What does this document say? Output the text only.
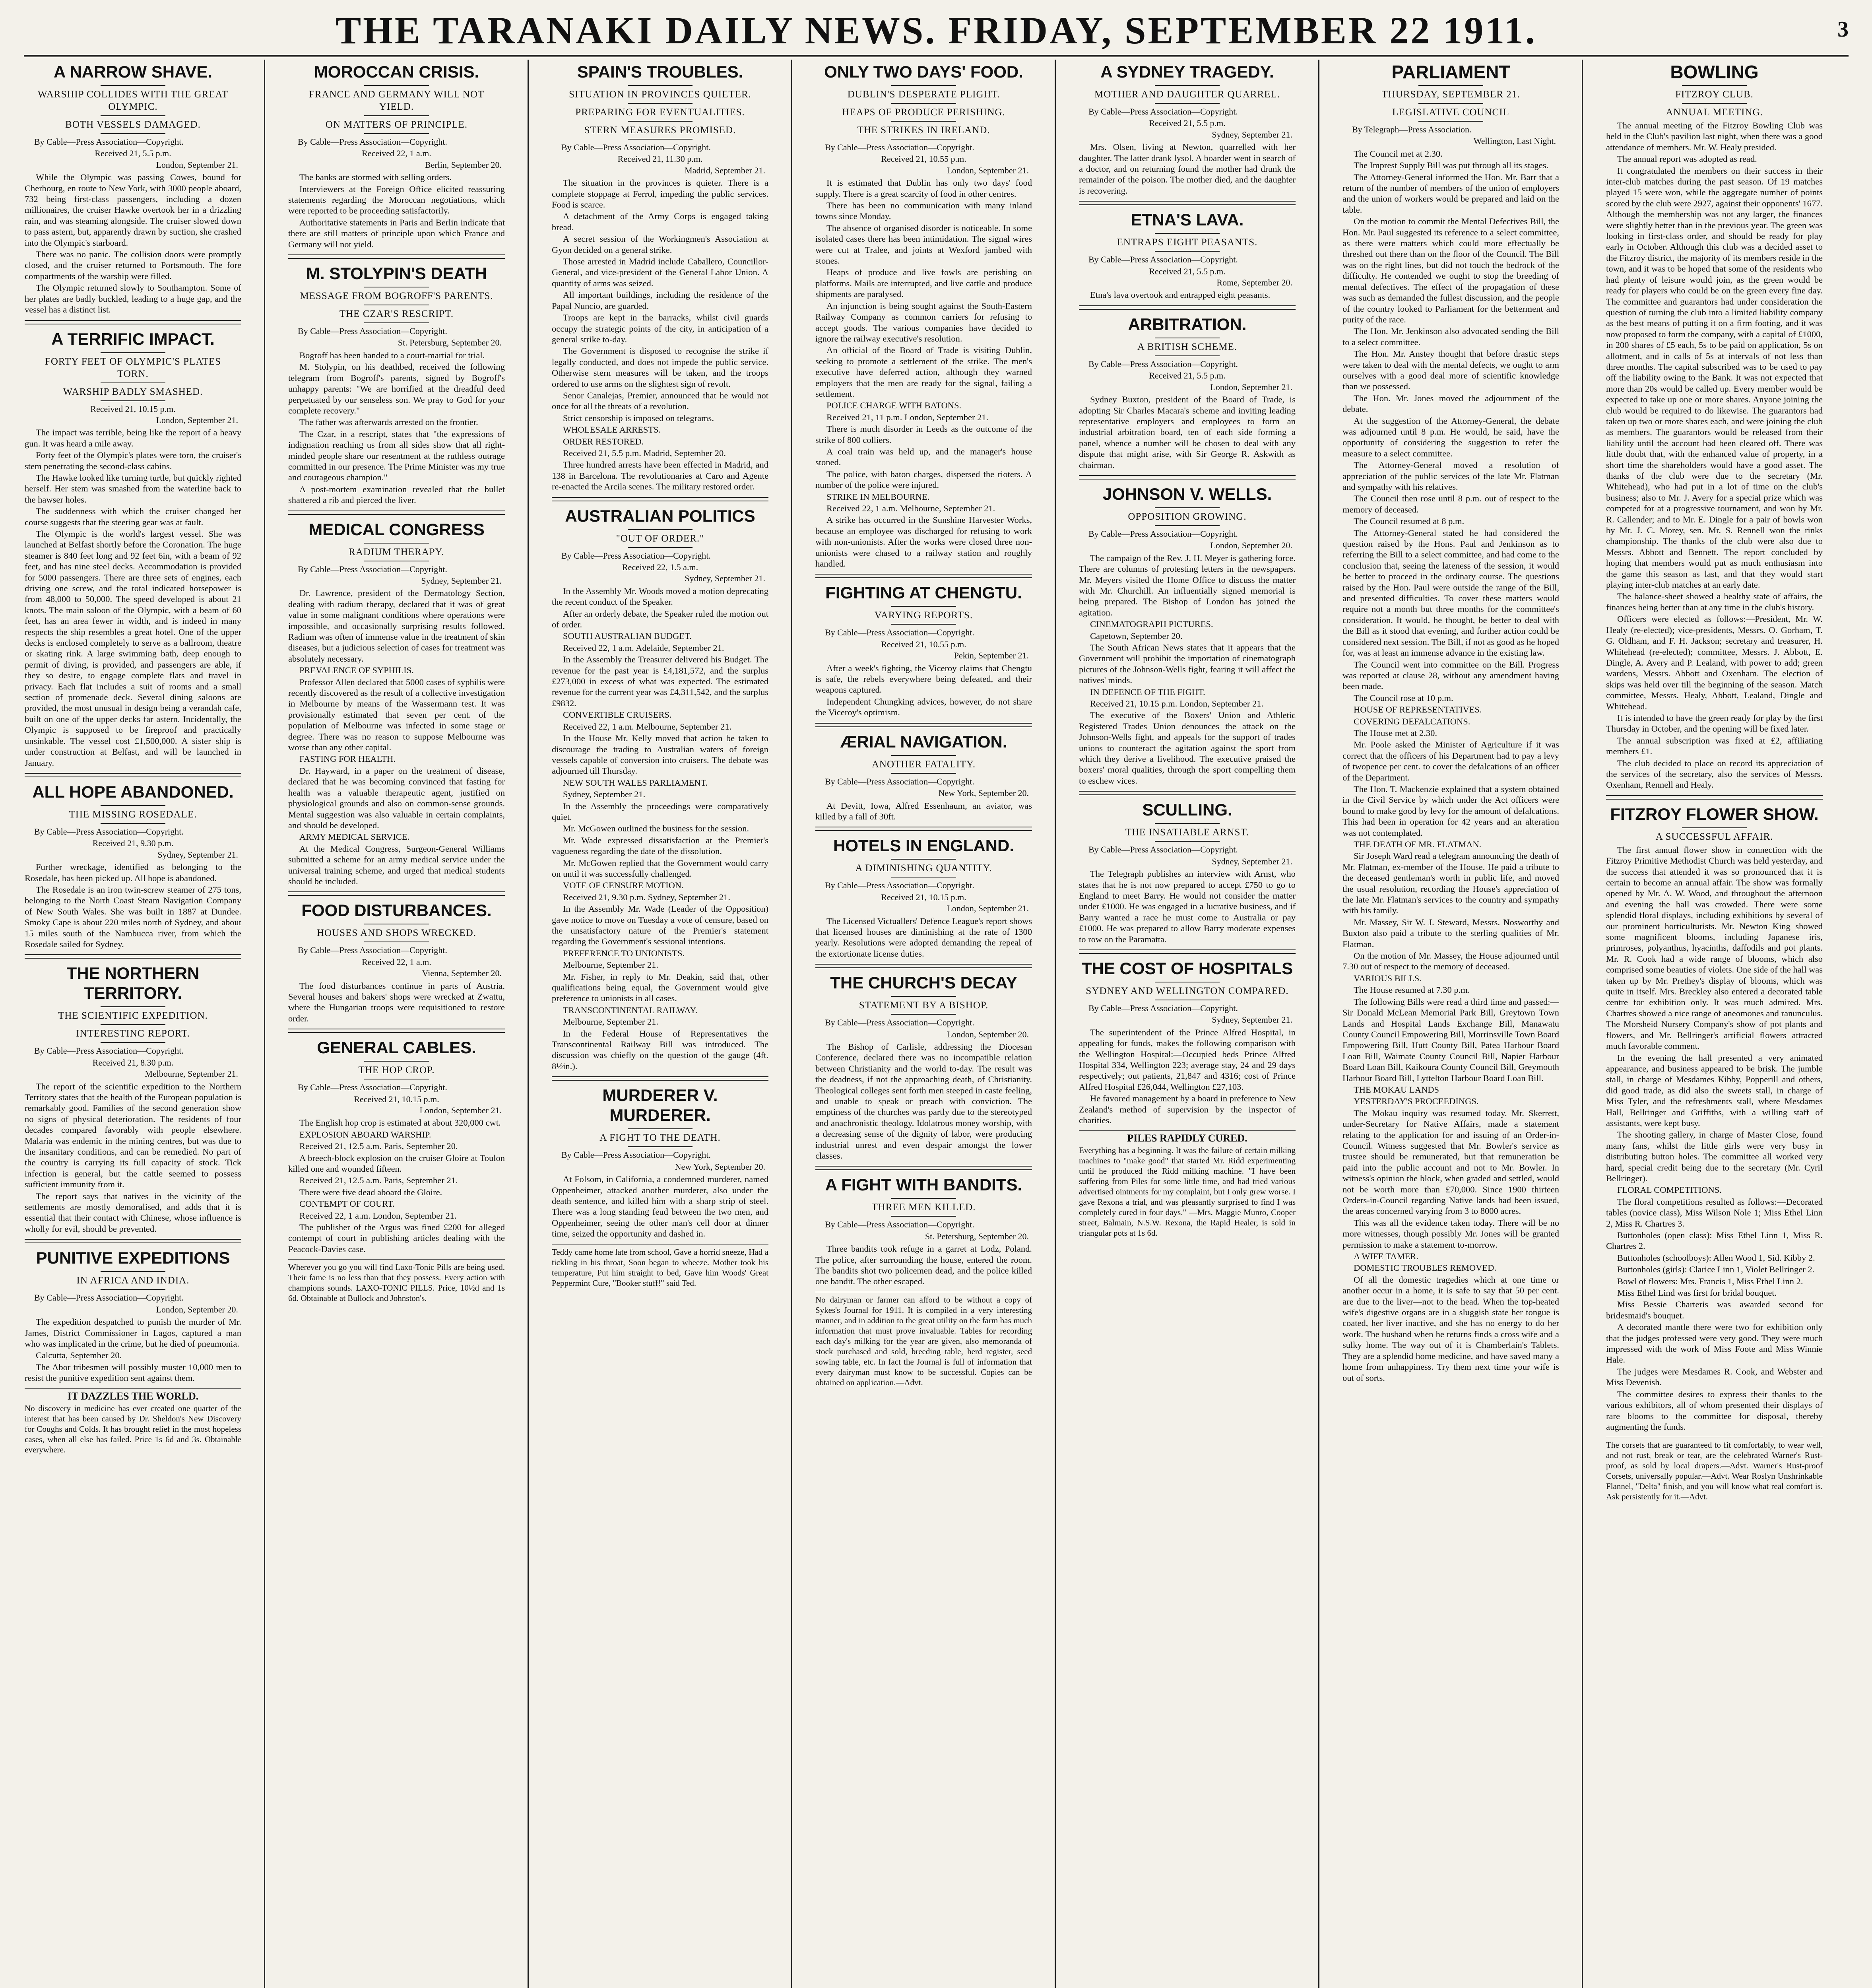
THE TARANAKI DAILY NEWS. FRIDAY, SEPTEMBER 22 1911.	3
A NARROW SHAVE.
WARSHIP COLLIDES WITH THE GREAT OLYMPIC.
BOTH VESSELS DAMAGED.
By Cable—Press Association—Copyright.
Received 21, 5.5 p.m.
London, September 21.

While the Olympic was passing Cowes, bound for Cherbourg, en route to New York, with 3000 people aboard, 732 being first-class passengers, including a dozen millionaires, the cruiser Hawke overtook her in a drizzling rain, and was steaming alongside. The cruiser slowed down to pass astern, but, apparently drawn by suction, she crashed into the Olympic's starboard.

There was no panic. The collision doors were promptly closed, and the cruiser returned to Portsmouth. The fore compartments of the warship were filled.

The Olympic returned slowly to Southampton. Some of her plates are badly buckled, leading to a huge gap, and the vessel has a distinct list.

A TERRIFIC IMPACT.
FORTY FEET OF OLYMPIC'S PLATES TORN.
WARSHIP BADLY SMASHED.
Received 21, 10.15 p.m.
London, September 21.

The impact was terrible, being like the report of a heavy gun. It was heard a mile away.

Forty feet of the Olympic's plates were torn, the cruiser's stem penetrating the second-class cabins.

The Hawke looked like turning turtle, but quickly righted herself. Her stem was smashed from the waterline back to the hawser holes.

The suddenness with which the cruiser changed her course suggests that the steering gear was at fault.

The Olympic is the world's largest vessel. She was launched at Belfast shortly before the Coronation. The huge steamer is 840 feet long and 92 feet 6in, with a beam of 92 feet, and has nine steel decks. Accommodation is provided for 5000 passengers. There are three sets of engines, each driving one screw, and the total indicated horsepower is from 48,000 to 50,000. The speed developed is about 21 knots. The main saloon of the Olympic, with a beam of 60 feet, has an area fewer in width, and is indeed in many respects the ship resembles a great hotel. One of the upper decks is enclosed completely to serve as a ballroom, theatre or skating rink. A large swimming bath, deep enough to permit of diving, is provided, and passengers are able, if they so desire, to engage complete flats and travel in privacy. Each flat includes a suit of rooms and a small section of promenade deck. Several dining saloons are provided, the most unusual in design being a verandah cafe, built on one of the upper decks far astern. Incidentally, the Olympic is supposed to be fireproof and practically unsinkable. The vessel cost £1,500,000. A sister ship is under construction at Belfast, and will be launched in January.

ALL HOPE ABANDONED.
THE MISSING ROSEDALE.
By Cable—Press Association—Copyright.
Received 21, 9.30 p.m.
Sydney, September 21.

Further wreckage, identified as belonging to the Rosedale, has been picked up. All hope is abandoned.

The Rosedale is an iron twin-screw steamer of 275 tons, belonging to the North Coast Steam Navigation Company of New South Wales. She was built in 1887 at Dundee. Smoky Cape is about 220 miles north of Sydney, and about 15 miles south of the Nambucca river, from which the Rosedale sailed for Sydney.

THE NORTHERN TERRITORY.
THE SCIENTIFIC EXPEDITION.
INTERESTING REPORT.
By Cable—Press Association—Copyright.
Received 21, 8.30 p.m.
Melbourne, September 21.

The report of the scientific expedition to the Northern Territory states that the health of the European population is remarkably good. Families of the second generation show no signs of physical deterioration. The residents of four decades compared favorably with people elsewhere. Malaria was endemic in the mining centres, but was due to the insanitary conditions, and can be remedied. No part of the country is carrying its full capacity of stock. Tick infection is general, but the cattle seemed to possess sufficient immunity from it.

The report says that natives in the vicinity of the settlements are mostly demoralised, and adds that it is essential that their contact with Chinese, whose influence is wholly for evil, should be prevented.

PUNITIVE EXPEDITIONS
IN AFRICA AND INDIA.
By Cable—Press Association—Copyright.
London, September 20.

The expedition despatched to punish the murder of Mr. James, District Commissioner in Lagos, captured a man who was implicated in the crime, but he died of pneumonia.

Calcutta, September 20.

The Abor tribesmen will possibly muster 10,000 men to resist the punitive expedition sent against them.

IT DAZZLES THE WORLD.
No discovery in medicine has ever created one quarter of the interest that has been caused by Dr. Sheldon's New Discovery for Coughs and Colds. It has brought relief in the most hopeless cases, when all else has failed. Price 1s 6d and 3s. Obtainable everywhere.
MOROCCAN CRISIS.
FRANCE AND GERMANY WILL NOT YIELD.
ON MATTERS OF PRINCIPLE.
By Cable—Press Association—Copyright.
Received 22, 1 a.m.
Berlin, September 20.

The banks are stormed with selling orders.

Interviewers at the Foreign Office elicited reassuring statements regarding the Moroccan negotiations, which were reported to be proceeding satisfactorily.

Authoritative statements in Paris and Berlin indicate that there are still matters of principle upon which France and Germany will not yield.

M. STOLYPIN'S DEATH
MESSAGE FROM BOGROFF'S PARENTS.
THE CZAR'S RESCRIPT.
By Cable—Press Association—Copyright.
St. Petersburg, September 20.

Bogroff has been handed to a court-martial for trial.

M. Stolypin, on his deathbed, received the following telegram from Bogroff's parents, signed by Bogroff's unhappy parents: "We are horrified at the dreadful deed perpetuated by our senseless son. We pray to God for your complete recovery."

The father was afterwards arrested on the frontier.

The Czar, in a rescript, states that "the expressions of indignation reaching us from all sides show that all right-minded people share our resentment at the ruthless outrage committed in our presence. The Prime Minister was my true and courageous champion."

A post-mortem examination revealed that the bullet shattered a rib and pierced the liver.

MEDICAL CONGRESS
RADIUM THERAPY.
By Cable—Press Association—Copyright.
Sydney, September 21.

Dr. Lawrence, president of the Dermatology Section, dealing with radium therapy, declared that it was of great value in some malignant conditions where operations were impossible, and occasionally surprising results followed. Radium was often of immense value in the treatment of skin diseases, but a judicious selection of cases for treatment was absolutely necessary.

PREVALENCE OF SYPHILIS.

Professor Allen declared that 5000 cases of syphilis were recently discovered as the result of a collective investigation in Melbourne by means of the Wassermann test. It was provisionally estimated that seven per cent. of the population of Melbourne was infected in some stage or degree. There was no reason to suppose Melbourne was worse than any other capital.

FASTING FOR HEALTH.

Dr. Hayward, in a paper on the treatment of disease, declared that he was becoming convinced that fasting for health was a valuable therapeutic agent, justified on physiological grounds and also on common-sense grounds. Mental suggestion was also valuable in certain complaints, and should be developed.

ARMY MEDICAL SERVICE.

At the Medical Congress, Surgeon-General Williams submitted a scheme for an army medical service under the universal training scheme, and urged that medical students should be included.

FOOD DISTURBANCES.
HOUSES AND SHOPS WRECKED.
By Cable—Press Association—Copyright.
Received 22, 1 a.m.
Vienna, September 20.

The food disturbances continue in parts of Austria. Several houses and bakers' shops were wrecked at Zwattu, where the Hungarian troops were requisitioned to restore order.

GENERAL CABLES.
THE HOP CROP.
By Cable—Press Association—Copyright.
Received 21, 10.15 p.m.
London, September 21.

The English hop crop is estimated at about 320,000 cwt.

EXPLOSION ABOARD WARSHIP.

Received 21, 12.5 a.m. Paris, September 20.

A breech-block explosion on the cruiser Gloire at Toulon killed one and wounded fifteen.

Received 21, 12.5 a.m. Paris, September 21.

There were five dead aboard the Gloire.

CONTEMPT OF COURT.

Received 22, 1 a.m. London, September 21.

The publisher of the Argus was fined £200 for alleged contempt of court in publishing articles dealing with the Peacock-Davies case.

Wherever you go you will find Laxo-Tonic Pills are being used. Their fame is no less than that they possess. Every action with champions sounds. LAXO-TONIC PILLS. Price, 10½d and 1s 6d. Obtainable at Bullock and Johnston's.
SPAIN'S TROUBLES.
SITUATION IN PROVINCES QUIETER.
PREPARING FOR EVENTUALITIES.
STERN MEASURES PROMISED.
By Cable—Press Association—Copyright.
Received 21, 11.30 p.m.
Madrid, September 21.

The situation in the provinces is quieter. There is a complete stoppage at Ferrol, impeding the public services. Food is scarce.

A detachment of the Army Corps is engaged taking bread.

A secret session of the Workingmen's Association at Gyon decided on a general strike.

Those arrested in Madrid include Caballero, Councillor-General, and vice-president of the General Labor Union. A quantity of arms was seized.

All important buildings, including the residence of the Papal Nuncio, are guarded.

Troops are kept in the barracks, whilst civil guards occupy the strategic points of the city, in anticipation of a general strike to-day.

The Government is disposed to recognise the strike if legally conducted, and does not impede the public service. Otherwise stern measures will be taken, and the troops ordered to use arms on the slightest sign of revolt.

Senor Canalejas, Premier, announced that he would not once for all the threats of a revolution.

Strict censorship is imposed on telegrams.

WHOLESALE ARRESTS.

ORDER RESTORED.

Received 21, 5.5 p.m. Madrid, September 20.

Three hundred arrests have been effected in Madrid, and 138 in Barcelona. The revolutionaries at Caro and Agente re-enacted the Arcila scenes. The military restored order.

AUSTRALIAN POLITICS
"OUT OF ORDER."
By Cable—Press Association—Copyright.
Received 22, 1.5 a.m.
Sydney, September 21.

In the Assembly Mr. Woods moved a motion deprecating the recent conduct of the Speaker.

After an orderly debate, the Speaker ruled the motion out of order.

SOUTH AUSTRALIAN BUDGET.

Received 22, 1 a.m. Adelaide, September 21.

In the Assembly the Treasurer delivered his Budget. The revenue for the past year is £4,181,572, and the surplus £273,000 in excess of what was expected. The estimated revenue for the current year was £4,311,542, and the surplus £9832.

CONVERTIBLE CRUISERS.

Received 22, 1 a.m. Melbourne, September 21.

In the House Mr. Kelly moved that action be taken to discourage the trading to Australian waters of foreign vessels capable of conversion into cruisers. The debate was adjourned till Thursday.

NEW SOUTH WALES PARLIAMENT.

Sydney, September 21.

In the Assembly the proceedings were comparatively quiet.

Mr. McGowen outlined the business for the session.

Mr. Wade expressed dissatisfaction at the Premier's vagueness regarding the date of the dissolution.

Mr. McGowen replied that the Government would carry on until it was successfully challenged.

VOTE OF CENSURE MOTION.

Received 21, 9.30 p.m. Sydney, September 21.

In the Assembly Mr. Wade (Leader of the Opposition) gave notice to move on Tuesday a vote of censure, based on the unsatisfactory nature of the Premier's statement regarding the Government's sessional intentions.

PREFERENCE TO UNIONISTS.

Melbourne, September 21.

Mr. Fisher, in reply to Mr. Deakin, said that, other qualifications being equal, the Government would give preference to unionists in all cases.

TRANSCONTINENTAL RAILWAY.

Melbourne, September 21.

In the Federal House of Representatives the Transcontinental Railway Bill was introduced. The discussion was chiefly on the question of the gauge (4ft. 8½in.).

MURDERER V. MURDERER.
A FIGHT TO THE DEATH.
By Cable—Press Association—Copyright.
New York, September 20.

At Folsom, in California, a condemned murderer, named Oppenheimer, attacked another murderer, also under the death sentence, and killed him with a sharp strip of steel. There was a long standing feud between the two men, and Oppenheimer, seeing the other man's cell door at dinner time, seized the opportunity and dashed in.

Teddy came home late from school, Gave a horrid sneeze, Had a tickling in his throat, Soon began to wheeze. Mother took his temperature, Put him straight to bed, Gave him Woods' Great Peppermint Cure, "Booker stuff!" said Ted.
ONLY TWO DAYS' FOOD.
DUBLIN'S DESPERATE PLIGHT.
HEAPS OF PRODUCE PERISHING.
THE STRIKES IN IRELAND.
By Cable—Press Association—Copyright.
Received 21, 10.55 p.m.
London, September 21.

It is estimated that Dublin has only two days' food supply. There is a great scarcity of food in other centres.

There has been no communication with many inland towns since Monday.

The absence of organised disorder is noticeable. In some isolated cases there has been intimidation. The signal wires were cut at Tralee, and joints at Wexford jambed with stones.

Heaps of produce and live fowls are perishing on platforms. Mails are interrupted, and live cattle and produce shipments are paralysed.

An injunction is being sought against the South-Eastern Railway Company as common carriers for refusing to accept goods. The various companies have decided to ignore the railway executive's resolution.

An official of the Board of Trade is visiting Dublin, seeking to promote a settlement of the strike. The men's executive have deferred action, although they warned employers that the men are ready for the signal, failing a settlement.

POLICE CHARGE WITH BATONS.

Received 21, 11 p.m. London, September 21.

There is much disorder in Leeds as the outcome of the strike of 800 colliers.

A coal train was held up, and the manager's house stoned.

The police, with baton charges, dispersed the rioters. A number of the police were injured.

STRIKE IN MELBOURNE.

Received 22, 1 a.m. Melbourne, September 21.

A strike has occurred in the Sunshine Harvester Works, because an employee was discharged for refusing to work with non-unionists. After the works were closed three non-unionists were chased to a railway station and roughly handled.

FIGHTING AT CHENGTU.
VARYING REPORTS.
By Cable—Press Association—Copyright.
Received 21, 10.55 p.m.
Pekin, September 21.

After a week's fighting, the Viceroy claims that Chengtu is safe, the rebels everywhere being defeated, and their weapons captured.

Independent Chungking advices, however, do not share the Viceroy's optimism.

ÆRIAL NAVIGATION.
ANOTHER FATALITY.
By Cable—Press Association—Copyright.
New York, September 20.

At Devitt, Iowa, Alfred Essenhaum, an aviator, was killed by a fall of 30ft.

HOTELS IN ENGLAND.
A DIMINISHING QUANTITY.
By Cable—Press Association—Copyright.
Received 21, 10.15 p.m.
London, September 21.

The Licensed Victuallers' Defence League's report shows that licensed houses are diminishing at the rate of 1300 yearly. Resolutions were adopted demanding the repeal of the extortionate license duties.

THE CHURCH'S DECAY
STATEMENT BY A BISHOP.
By Cable—Press Association—Copyright.
London, September 20.

The Bishop of Carlisle, addressing the Diocesan Conference, declared there was no incompatible relation between Christianity and the world to-day. The result was the deadness, if not the approaching death, of Christianity. Theological colleges sent forth men steeped in caste feeling, and unable to speak or preach with conviction. The emptiness of the churches was partly due to the stereotyped and anachronistic theology. Idolatrous money worship, with a decreasing sense of the dignity of labor, were producing industrial unrest and even despair amongst the lower classes.

A FIGHT WITH BANDITS.
THREE MEN KILLED.
By Cable—Press Association—Copyright.
St. Petersburg, September 20.

Three bandits took refuge in a garret at Lodz, Poland. The police, after surrounding the house, entered the room. The bandits shot two policemen dead, and the police killed one bandit. The other escaped.

No dairyman or farmer can afford to be without a copy of Sykes's Journal for 1911. It is compiled in a very interesting manner, and in addition to the great utility on the farm has much information that must prove invaluable. Tables for recording each day's milking for the year are given, also memoranda of stock purchased and sold, breeding table, herd register, seed sowing table, etc. In fact the Journal is full of information that every dairyman must know to be successful. Copies can be obtained on application.—Advt.
A SYDNEY TRAGEDY.
MOTHER AND DAUGHTER QUARREL.
By Cable—Press Association—Copyright.
Received 21, 5.5 p.m.
Sydney, September 21.

Mrs. Olsen, living at Newton, quarrelled with her daughter. The latter drank lysol. A boarder went in search of a doctor, and on returning found the mother had drunk the remainder of the poison. The mother died, and the daughter is recovering.

ETNA'S LAVA.
ENTRAPS EIGHT PEASANTS.
By Cable—Press Association—Copyright.
Received 21, 5.5 p.m.
Rome, September 20.

Etna's lava overtook and entrapped eight peasants.

ARBITRATION.
A BRITISH SCHEME.
By Cable—Press Association—Copyright.
Received 21, 5.5 p.m.
London, September 21.

Sydney Buxton, president of the Board of Trade, is adopting Sir Charles Macara's scheme and inviting leading representative employers and employees to form an industrial arbitration board, ten of each side forming a panel, whence a number will be chosen to deal with any dispute that might arise, with Sir George R. Askwith as chairman.

JOHNSON V. WELLS.
OPPOSITION GROWING.
By Cable—Press Association—Copyright.
London, September 20.

The campaign of the Rev. J. H. Meyer is gathering force. There are columns of protesting letters in the newspapers. Mr. Meyers visited the Home Office to discuss the matter with Mr. Churchill. An influentially signed memorial is being prepared. The Bishop of London has joined the agitation.

CINEMATOGRAPH PICTURES.

Capetown, September 20.

The South African News states that it appears that the Government will prohibit the importation of cinematograph pictures of the Johnson-Wells fight, fearing it will affect the natives' minds.

IN DEFENCE OF THE FIGHT.

Received 21, 10.15 p.m. London, September 21.

The executive of the Boxers' Union and Athletic Registered Trades Union denounces the attack on the Johnson-Wells fight, and appeals for the support of trades unions to counteract the agitation against the sport from which they derive a livelihood. The executive praised the boxers' moral qualities, through the sport compelling them to eschew vices.

SCULLING.
THE INSATIABLE ARNST.
By Cable—Press Association—Copyright.
Sydney, September 21.

The Telegraph publishes an interview with Arnst, who states that he is not now prepared to accept £750 to go to England to meet Barry. He would not consider the matter under £1000. He was engaged in a lucrative business, and if Barry wanted a race he must come to Australia or pay £1000. He was prepared to allow Barry moderate expenses to row on the Paramatta.

THE COST OF HOSPITALS
SYDNEY AND WELLINGTON COMPARED.
By Cable—Press Association—Copyright.
Sydney, September 21.

The superintendent of the Prince Alfred Hospital, in appealing for funds, makes the following comparison with the Wellington Hospital:—Occupied beds Prince Alfred Hospital 334, Wellington 223; average stay, 24 and 29 days respectively; out patients, 21,847 and 4316; cost of Prince Alfred Hospital £26,044, Wellington £27,103.

He favored management by a board in preference to New Zealand's method of supervision by the inspector of charities.

PILES RAPIDLY CURED.
Everything has a beginning. It was the failure of certain milking machines to "make good" that started Mr. Ridd experimenting until he produced the Ridd milking machine. "I have been suffering from Piles for some little time, and had tried various advertised ointments for my complaint, but I only grew worse. I gave Rexona a trial, and was pleasantly surprised to find I was completely cured in four days." —Mrs. Maggie Munro, Cooper street, Balmain, N.S.W. Rexona, the Rapid Healer, is sold in triangular pots at 1s 6d.
PARLIAMENT
THURSDAY, SEPTEMBER 21.
LEGISLATIVE COUNCIL
By Telegraph—Press Association.
Wellington, Last Night.

The Council met at 2.30.

The Imprest Supply Bill was put through all its stages.

The Attorney-General informed the Hon. Mr. Barr that a return of the number of members of the union of employers and the union of workers would be prepared and laid on the table.

On the motion to commit the Mental Defectives Bill, the Hon. Mr. Paul suggested its reference to a select committee, as there were matters which could more effectually be threshed out there than on the floor of the Council. The Bill was on the right lines, but did not touch the bedrock of the difficulty. He contended we ought to stop the breeding of mental defectives. The effect of the propagation of these was such as demanded the fullest discussion, and the people of the country looked to Parliament for the betterment and purity of the race.

The Hon. Mr. Jenkinson also advocated sending the Bill to a select committee.

The Hon. Mr. Anstey thought that before drastic steps were taken to deal with the mental defects, we ought to arm ourselves with a good deal more of scientific knowledge than we possessed.

The Hon. Mr. Jones moved the adjournment of the debate.

At the suggestion of the Attorney-General, the debate was adjourned until 8 p.m. He would, he said, have the opportunity of considering the suggestion to refer the measure to a select committee.

The Attorney-General moved a resolution of appreciation of the public services of the late Mr. Flatman and sympathy with his relatives.

The Council then rose until 8 p.m. out of respect to the memory of deceased.

The Council resumed at 8 p.m.

The Attorney-General stated he had considered the question raised by the Hons. Paul and Jenkinson as to referring the Bill to a select committee, and had come to the conclusion that, seeing the lateness of the session, it would be better to proceed in the ordinary course. The questions raised by the Hon. Paul were outside the range of the Bill, and presented difficulties. To cover these matters would require not a month but three months for the committee's consideration. It would, he thought, be better to deal with the Bill as it stood that evening, and further action could be considered next session. The Bill, if not as good as he hoped for, was at least an immense advance in the existing law.

The Council went into committee on the Bill. Progress was reported at clause 28, without any amendment having been made.

The Council rose at 10 p.m.

HOUSE OF REPRESENTATIVES.

COVERING DEFALCATIONS.

The House met at 2.30.

Mr. Poole asked the Minister of Agriculture if it was correct that the officers of his Department had to pay a levy of twopence per cent. to cover the defalcations of an officer of the Department.

The Hon. T. Mackenzie explained that a system obtained in the Civil Service by which under the Act officers were bound to make good by levy for the amount of defalcations. This had been in operation for 42 years and an alteration was not contemplated.

THE DEATH OF MR. FLATMAN.

Sir Joseph Ward read a telegram announcing the death of Mr. Flatman, ex-member of the House. He paid a tribute to the deceased gentleman's worth in public life, and moved the usual resolution, recording the House's appreciation of the late Mr. Flatman's services to the country and sympathy with his family.

Mr. Massey, Sir W. J. Steward, Messrs. Nosworthy and Buxton also paid a tribute to the sterling qualities of Mr. Flatman.

On the motion of Mr. Massey, the House adjourned until 7.30 out of respect to the memory of deceased.

VARIOUS BILLS.

The House resumed at 7.30 p.m.

The following Bills were read a third time and passed:—Sir Donald McLean Memorial Park Bill, Greytown Town Lands and Hospital Lands Exchange Bill, Manawatu County Council Empowering Bill, Morrinsville Town Board Empowering Bill, Hutt County Bill, Patea Harbour Board Loan Bill, Waimate County Council Bill, Napier Harbour Board Loan Bill, Kaikoura County Council Bill, Greymouth Harbour Board Bill, Lyttelton Harbour Board Loan Bill.

THE MOKAU LANDS

YESTERDAY'S PROCEEDINGS.

The Mokau inquiry was resumed today. Mr. Skerrett, under-Secretary for Native Affairs, made a statement relating to the application for and issuing of an Order-in-Council. Witness suggested that Mr. Bowler's service as trustee should be remunerated, but that remuneration be paid into the public account and not to Mr. Bowler. In witness's opinion the block, when graded and settled, would not be worth more than £70,000. Since 1900 thirteen Orders-in-Council regarding Native lands had been issued, the areas concerned varying from 3 to 8000 acres.

This was all the evidence taken today. There will be no more witnesses, though possibly Mr. Jones will be granted permission to make a statement to-morrow.

A WIFE TAMER.

DOMESTIC TROUBLES REMOVED.

Of all the domestic tragedies which at one time or another occur in a home, it is safe to say that 50 per cent. are due to the liver—not to the head. When the top-heated wife's digestive organs are in a sluggish state her tongue is coated, her liver inactive, and she has no energy to do her work. The husband when he returns finds a cross wife and a sulky home. The way out of it is Chamberlain's Tablets. They are a splendid home medicine, and have saved many a home from unhappiness. Try them next time your wife is out of sorts.

BOWLING
FITZROY CLUB.
ANNUAL MEETING.

The annual meeting of the Fitzroy Bowling Club was held in the Club's pavilion last night, when there was a good attendance of members. Mr. W. Healy presided.

The annual report was adopted as read.

It congratulated the members on their success in their inter-club matches during the past season. Of 19 matches played 15 were won, while the aggregate number of points scored by the club were 2927, against their opponents' 1677. Although the membership was not any larger, the finances were slightly better than in the previous year. The green was looking in first-class order, and should be ready for play early in October. Although this club was a decided asset to the Fitzroy district, the majority of its members reside in the town, and it was to be hoped that some of the residents who had plenty of leisure would join, as the green would be ready for players who could be on the green every fine day. The committee and guarantors had under consideration the question of turning the club into a limited liability company as the best means of putting it on a firm footing, and it was now proposed to form the company, with a capital of £1000, in 200 shares of £5 each, 5s to be paid on application, 5s on allotment, and in calls of 5s at intervals of not less than three months. The capital subscribed was to be used to pay off the liability owing to the Bank. It was not expected that more than 20s would be called up. Every member would be expected to take up one or more shares. Anyone joining the club would be required to do likewise. The guarantors had taken up two or more shares each, and were joining the club as members. The guarantors would be released from their liability until the account had been cleared off. There was little doubt that, with the enhanced value of property, in a short time the shareholders would have a good asset. The thanks of the club were due to the secretary (Mr. Whitehead), who had put in a lot of time on the club's business; also to Mr. J. Avery for a special prize which was competed for at a progressive tournament, and won by Mr. R. Callender; and to Mr. E. Dingle for a pair of bowls won by Mr. J. C. Morey, sen. Mr. S. Rennell won the rinks championship. The thanks of the club were also due to Messrs. Abbott and Bennett. The report concluded by hoping that members would put as much enthusiasm into the game this season as last, and that they would start playing inter-club matches at an early date.

The balance-sheet showed a healthy state of affairs, the finances being better than at any time in the club's history.

Officers were elected as follows:—President, Mr. W. Healy (re-elected); vice-presidents, Messrs. O. Gorham, T. G. Oldham, and F. H. Jackson; secretary and treasurer, H. Whitehead (re-elected); committee, Messrs. J. Abbott, E. Dingle, A. Avery and P. Lealand, with power to add; green wardens, Messrs. Abbott and Oxenham. The election of skips was held over till the beginning of the season. Match committee, Messrs. Healy, Abbott, Lealand, Dingle and Whitehead.

It is intended to have the green ready for play by the first Thursday in October, and the opening will be fixed later.

The annual subscription was fixed at £2, affiliating members £1.

The club decided to place on record its appreciation of the services of the secretary, also the services of Messrs. Oxenham, Rennell and Healy.

FITZROY FLOWER SHOW.
A SUCCESSFUL AFFAIR.

The first annual flower show in connection with the Fitzroy Primitive Methodist Church was held yesterday, and the success that attended it was so pronounced that it is certain to become an annual affair. The show was formally opened by Mr. A. W. Wood, and throughout the afternoon and evening the hall was crowded. There were some splendid floral displays, including exhibitions by several of our prominent horticulturists. Mr. Newton King showed some magnificent blooms, including Japanese iris, primroses, polyanthus, hyacinths, daffodils and pot plants. Mr. R. Cook had a wide range of blooms, which also comprised some beauties of violets. One side of the hall was taken up by Mr. Prethey's display of blooms, which was quite in itself. Mrs. Breckley also entered a decorated table centre for exhibition only. It was much admired. Mrs. Chartres showed a nice range of aneomones and ranunculus. The Morsheid Nursery Company's show of pot plants and flowers, and Mr. Bellringer's artificial flowers attracted much favorable comment.

In the evening the hall presented a very animated appearance, and business appeared to be brisk. The jumble stall, in charge of Mesdames Kibby, Popperill and others, did good trade, as did also the sweets stall, in charge of Miss Tyler, and the refreshments stall, where Mesdames Hall, Bellringer and Griffiths, with a willing staff of assistants, were kept busy.

The shooting gallery, in charge of Master Close, found many fans, whilst the little girls were very busy in distributing button holes. The committee all worked very hard, special credit being due to the secretary (Mr. Cyril Bellringer).

FLORAL COMPETITIONS.

The floral competitions resulted as follows:—Decorated tables (novice class), Miss Wilson Nole 1; Miss Ethel Linn 2, Miss R. Chartres 3.

Buttonholes (open class): Miss Ethel Linn 1, Miss R. Chartres 2.

Buttonholes (schoolboys): Allen Wood 1, Sid. Kibby 2.

Buttonholes (girls): Clarice Linn 1, Violet Bellringer 2.

Bowl of flowers: Mrs. Francis 1, Miss Ethel Linn 2.

Miss Ethel Lind was first for bridal bouquet.

Miss Bessie Charteris was awarded second for bridesmaid's bouquet.

A decorated mantle there were two for exhibition only that the judges professed were very good. They were much impressed with the work of Miss Foote and Miss Winnie Hale.

The judges were Mesdames R. Cook, and Webster and Miss Devenish.

The committee desires to express their thanks to the various exhibitors, all of whom presented their displays of rare blooms to the committee for disposal, thereby augmenting the funds.

The corsets that are guaranteed to fit comfortably, to wear well, and not rust, break or tear, are the celebrated Warner's Rust-proof, as sold by local drapers.—Advt. Warner's Rust-proof Corsets, universally popular.—Advt. Wear Roslyn Unshrinkable Flannel, "Delta" finish, and you will know what real comfort is. Ask persistently for it.—Advt.
